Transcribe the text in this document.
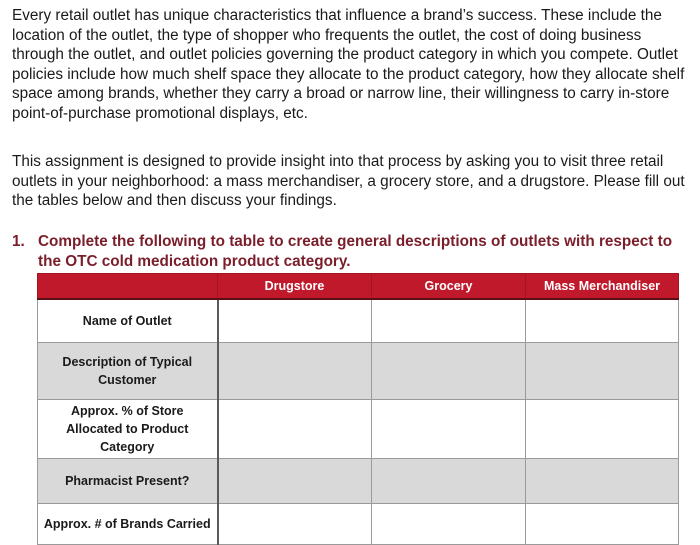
Every retail outlet has unique characteristics that influence a brand’s success. These include the location of the outlet, the type of shopper who frequents the outlet, the cost of doing business through the outlet, and outlet policies governing the product category in which you compete. Outlet policies include how much shelf space they allocate to the product category, how they allocate shelf space among brands, whether they carry a broad or narrow line, their willingness to carry in-store point-of-purchase promotional displays, etc.

This assignment is designed to provide insight into that process by asking you to visit three retail outlets in your neighborhood: a mass merchandiser, a grocery store, and a drugstore. Please fill out the tables below and then discuss your findings.

1. Complete the following to table to create general descriptions of outlets with respect to the OTC cold medication product category.
	Drugstore	Grocery	Mass Merchandiser
Name of Outlet			
Description of Typical Customer			
Approx. % of Store Allocated to Product Category			
Pharmacist Present?			
Approx. # of Brands Carried			
